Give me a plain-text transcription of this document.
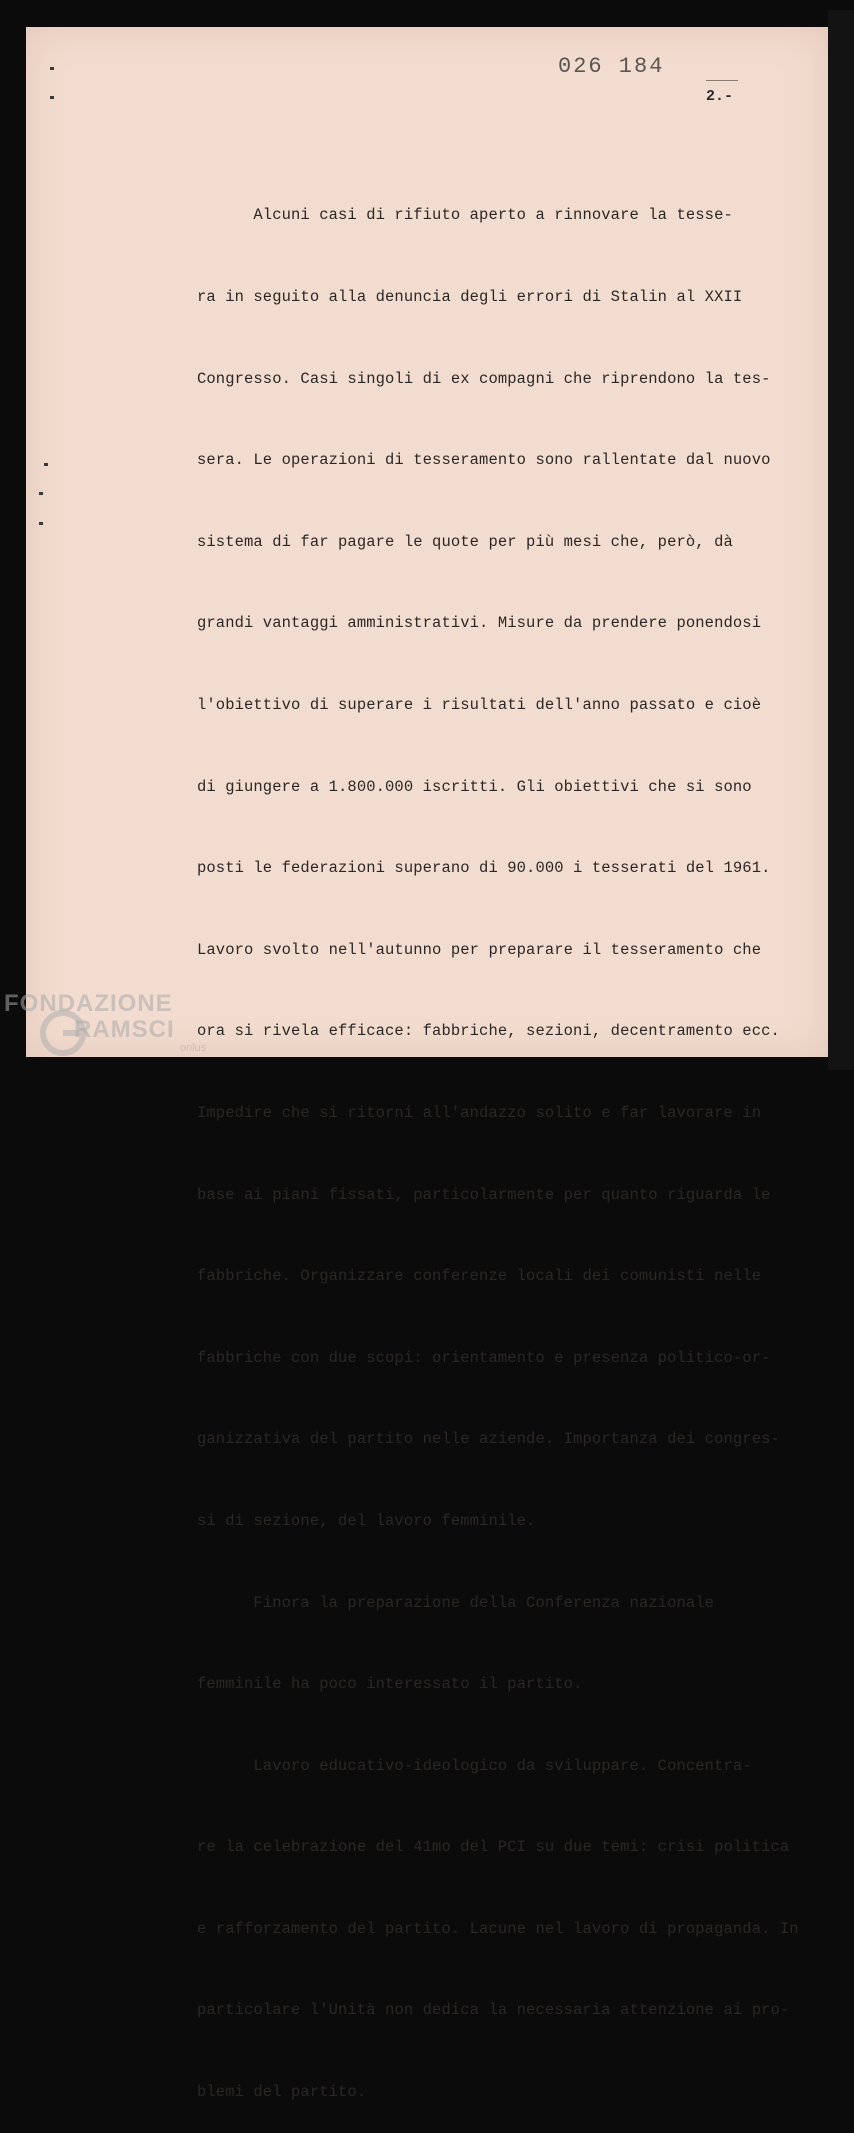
026 184
2.-

Alcuni casi di rifiuto aperto a rinnovare la tesse-

ra in seguito alla denuncia degli errori di Stalin al XXII

Congresso. Casi singoli di ex compagni che riprendono la tes-

sera. Le operazioni di tesseramento sono rallentate dal nuovo

sistema di far pagare le quote per più mesi che, però, dà

grandi vantaggi amministrativi. Misure da prendere ponendosi

l'obiettivo di superare i risultati dell'anno passato e cioè

di giungere a 1.800.000 iscritti. Gli obiettivi che si sono

posti le federazioni superano di 90.000 i tesserati del 1961.

Lavoro svolto nell'autunno per preparare il tesseramento che

ora si rivela efficace: fabbriche, sezioni, decentramento ecc.

Impedire che si ritorni all'andazzo solito e far lavorare in

base ai piani fissati, particolarmente per quanto riguarda le

fabbriche. Organizzare conferenze locali dei comunisti nelle

fabbriche con due scopi: orientamento e presenza politico-or-

ganizzativa del partito nelle aziende. Importanza dei congres-

si di sezione, del lavoro femminile.

Finora la preparazione della Conferenza nazionale

femminile ha poco interessato il partito.

Lavoro educativo-ideologico da sviluppare. Concentra-

re la celebrazione del 41mo del PCI su due temi: crisi politica

e rafforzamento del partito. Lacune nel lavoro di propaganda. In

particolare l'Unità non dedica la necessaria attenzione ai pro-

blemi del partito.

FONDAZIONE
RAMSCI
onlus
